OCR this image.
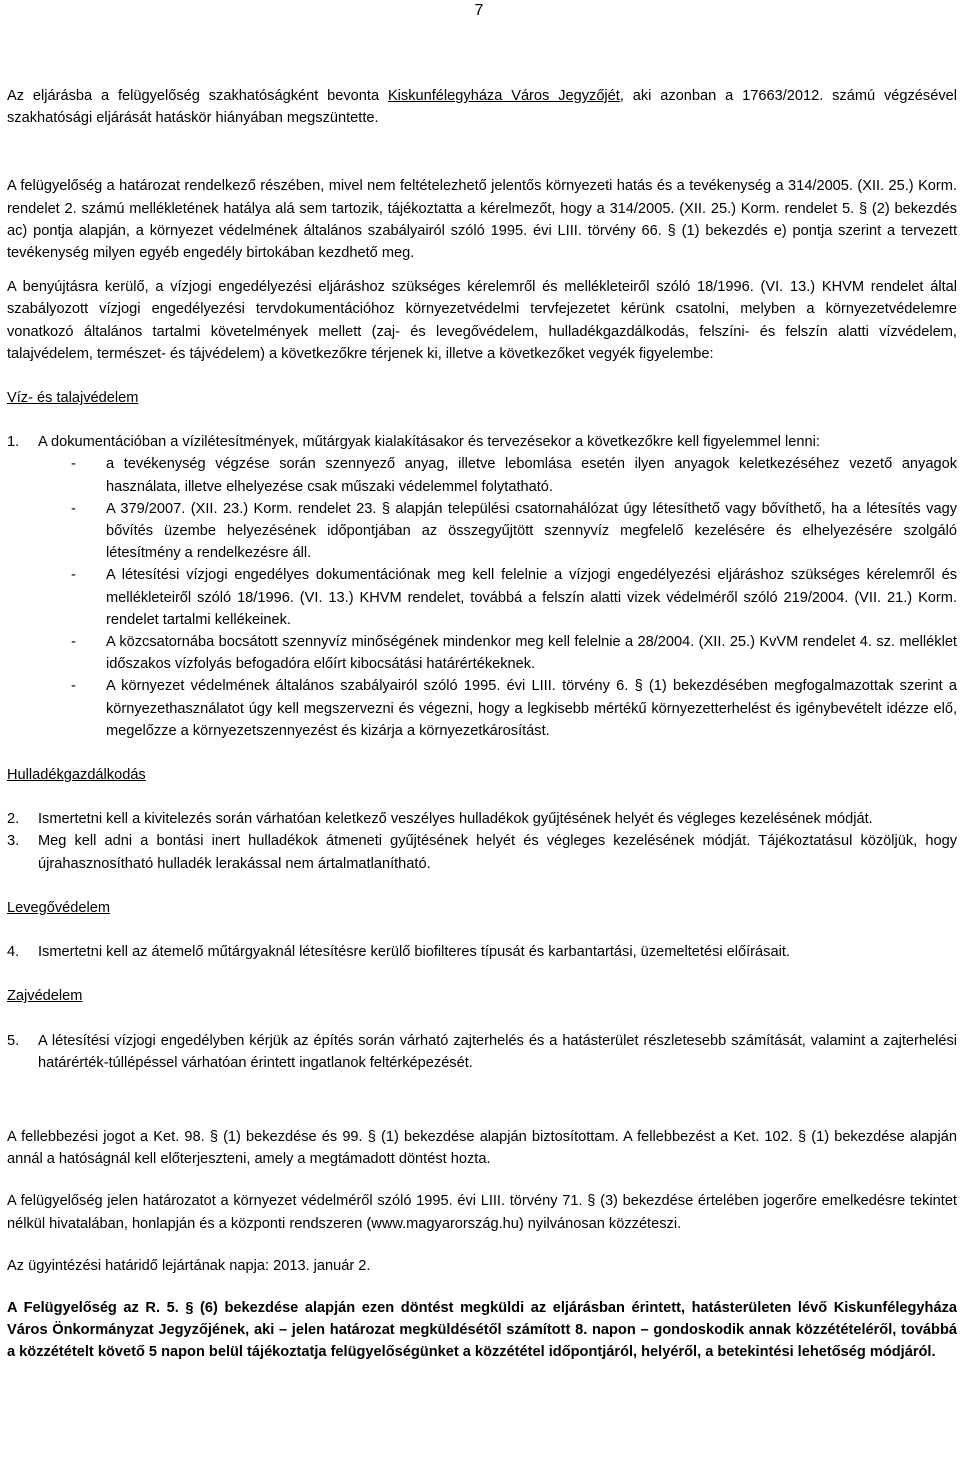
7

Az eljárásba a felügyelőség szakhatóságként bevonta Kiskunfélegyháza Város Jegyzőjét, aki azonban a 17663/2012. számú végzésével szakhatósági eljárását hatáskör hiányában megszüntette.

A felügyelőség a határozat rendelkező részében, mivel nem feltételezhető jelentős környezeti hatás és a tevékenység a 314/2005. (XII. 25.) Korm. rendelet 2. számú mellékletének hatálya alá sem tartozik, tájékoztatta a kérelmezőt, hogy a 314/2005. (XII. 25.) Korm. rendelet 5. § (2) bekezdés ac) pontja alapján, a környezet védelmének általános szabályairól szóló 1995. évi LIII. törvény 66. § (1) bekezdés e) pontja szerint a tervezett tevékenység milyen egyéb engedély birtokában kezdhető meg.

A benyújtásra kerülő, a vízjogi engedélyezési eljáráshoz szükséges kérelemről és mellékleteiről szóló 18/1996. (VI. 13.) KHVM rendelet által szabályozott vízjogi engedélyezési tervdokumentációhoz környezetvédelmi tervfejezetet kérünk csatolni, melyben a környezetvédelemre vonatkozó általános tartalmi követelmények mellett (zaj- és levegővédelem, hulladékgazdálkodás, felszíni- és felszín alatti vízvédelem, talajvédelem, természet- és tájvédelem) a következőkre térjenek ki, illetve a következőket vegyék figyelembe:

Víz- és talajvédelem
1. A dokumentációban a vízilétesítmények, műtárgyak kialakításakor és tervezésekor a következőkre kell figyelemmel lenni:
- a tevékenység végzése során szennyező anyag, illetve lebomlása esetén ilyen anyagok keletkezéséhez vezető anyagok használata, illetve elhelyezése csak műszaki védelemmel folytatható.
- A 379/2007. (XII. 23.) Korm. rendelet 23. § alapján települési csatornahálózat úgy létesíthető vagy bővíthető, ha a létesítés vagy bővítés üzembe helyezésének időpontjában az összegyűjtött szennyvíz megfelelő kezelésére és elhelyezésére szolgáló létesítmény a rendelkezésre áll.
- A létesítési vízjogi engedélyes dokumentációnak meg kell felelnie a vízjogi engedélyezési eljáráshoz szükséges kérelemről és mellékleteiről szóló 18/1996. (VI. 13.) KHVM rendelet, továbbá a felszín alatti vizek védelméről szóló 219/2004. (VII. 21.) Korm. rendelet tartalmi kellékeinek.
- A közcsatornába bocsátott szennyvíz minőségének mindenkor meg kell felelnie a 28/2004. (XII. 25.) KvVM rendelet 4. sz. melléklet időszakos vízfolyás befogadóra előírt kibocsátási határértékeknek.
- A környezet védelmének általános szabályairól szóló 1995. évi LIII. törvény 6. § (1) bekezdésében megfogalmazottak szerint a környezethasználatot úgy kell megszervezni és végezni, hogy a legkisebb mértékű környezetterhelést és igénybevételt idézze elő, megelőzze a környezetszennyezést és kizárja a környezetkárosítást.
Hulladékgazdálkodás
2. Ismertetni kell a kivitelezés során várhatóan keletkező veszélyes hulladékok gyűjtésének helyét és végleges kezelésének módját.
3. Meg kell adni a bontási inert hulladékok átmeneti gyűjtésének helyét és végleges kezelésének módját. Tájékoztatásul közöljük, hogy újrahasznosítható hulladék lerakással nem ártalmatlanítható.
Levegővédelem
4. Ismertetni kell az átemelő műtárgyaknál létesítésre kerülő biofilteres típusát és karbantartási, üzemeltetési előírásait.
Zajvédelem
5. A létesítési vízjogi engedélyben kérjük az építés során várható zajterhelés és a hatásterület részletesebb számítását, valamint a zajterhelési határérték-túllépéssel várhatóan érintett ingatlanok feltérképezését.

A fellebbezési jogot a Ket. 98. § (1) bekezdése és 99. § (1) bekezdése alapján biztosítottam. A fellebbezést a Ket. 102. § (1) bekezdése alapján annál a hatóságnál kell előterjeszteni, amely a megtámadott döntést hozta.

A felügyelőség jelen határozatot a környezet védelméről szóló 1995. évi LIII. törvény 71. § (3) bekezdése értelében jogerőre emelkedésre tekintet nélkül hivatalában, honlapján és a központi rendszeren (www.magyarország.hu) nyilvánosan közzéteszi.

Az ügyintézési határidő lejártának napja: 2013. január 2.

A Felügyelőség az R. 5. § (6) bekezdése alapján ezen döntést megküldi az eljárásban érintett, hatásterületen lévő Kiskunfélegyháza Város Önkormányzat Jegyzőjének, aki – jelen határozat megküldésétől számított 8. napon – gondoskodik annak közzétételéről, továbbá a közzétételt követő 5 napon belül tájékoztatja felügyelőségünket a közzététel időpontjáról, helyéről, a betekintési lehetőség módjáról.
